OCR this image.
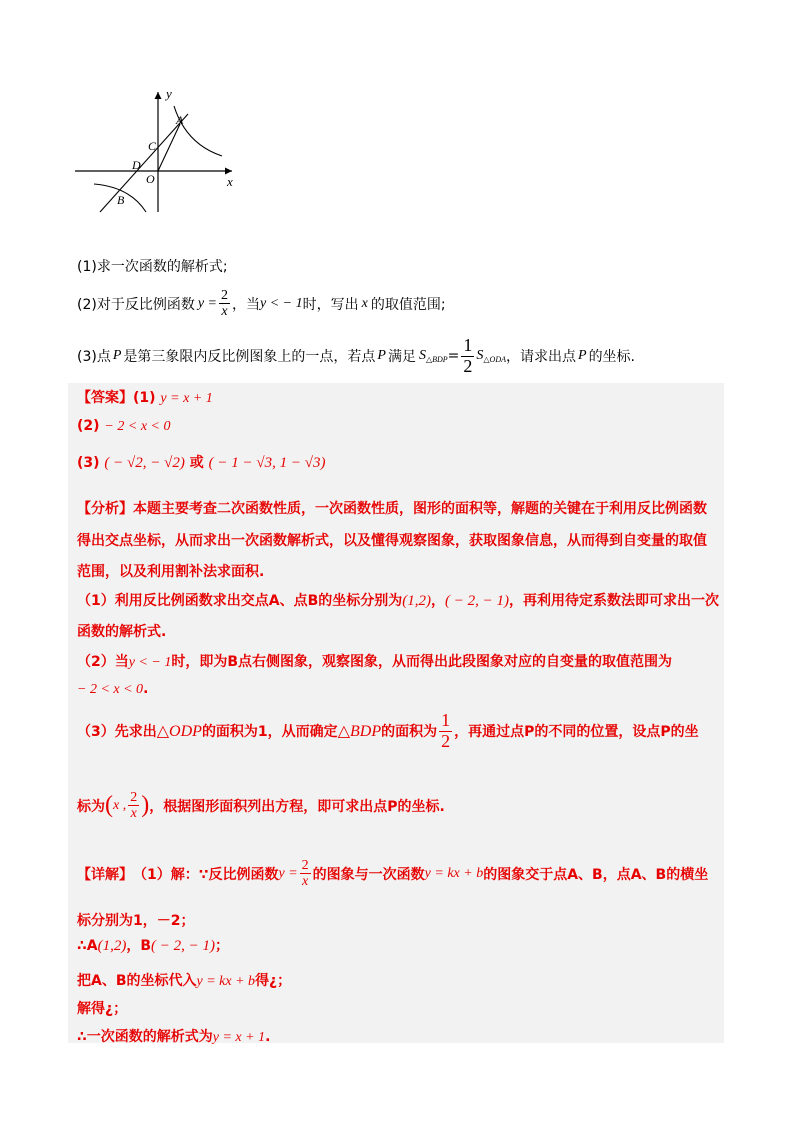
y
x
A
B
C
D
O
(1)求一次函数的解析式;
(2)对于反比例函数 $y = \frac{2}{x}$ ，当 y < − 1 时，写出 x 的取值范围;
(3)点 P 是第三象限内反比例图象上的一点，若点 P 满足 $S_{\triangle BDP} = \frac{1}{2} S_{\triangle ODA}$ ，请求出点 P 的坐标.
【答案】(1) y = x + 1
(2) − 2 < x < 0
(3) ( − √2, − √2) 或 ( − 1 − √3, 1 − √3)
【分析】本题主要考查二次函数性质，一次函数性质，图形的面积等，解题的关键在于利用反比例函数
得出交点坐标，从而求出一次函数解析式，以及懂得观察图象，获取图象信息，从而得到自变量的取值
范围，以及利用割补法求面积.
（1）利用反比例函数求出交点A、点B的坐标分别为(1,2)，( − 2, − 1)，再利用待定系数法即可求出一次
函数的解析式.
（2）当y < − 1时，即为B点右侧图象，观察图象，从而得出此段图象对应的自变量的取值范围为
− 2 < x < 0.
（3）先求出 △ODP 的面积为1，从而确定 △BDP 的面积为 $\frac{1}{2}$ ，再通过点P的不同的位置，设点P的坐
标为 ( x , $\frac{2}{x}$ ) ，根据图形面积列出方程，即可求出点P的坐标.
【详解】 （1）解：∵反比例函数 $y = \frac{2}{x}$ 的图象与一次函数 y = kx + b 的图象交于点A、B，点A、B的横坐
标分别为1，－2；
∴A(1,2)，B( − 2, − 1)；
把A、B的坐标代入y = kx + b得¿；
解得¿；
∴一次函数的解析式为y = x + 1.
